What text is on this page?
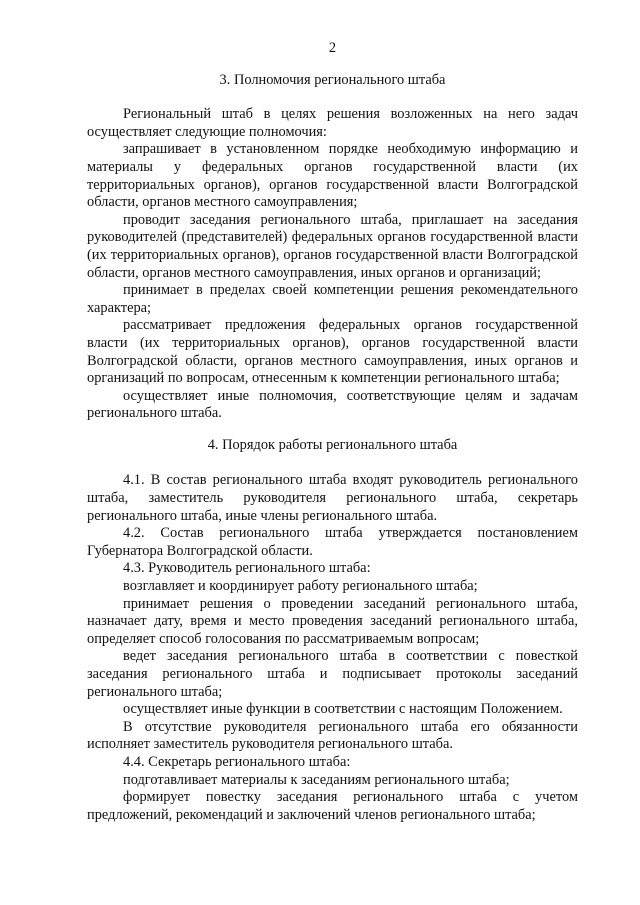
2
3. Полномочия регионального штаба

Региональный штаб в целях решения возложенных на него задач осуществляет следующие полномочия:

запрашивает в установленном порядке необходимую информацию и материалы у федеральных органов государственной власти (их территориальных органов), органов государственной власти Волгоградской области, органов местного самоуправления;

проводит заседания регионального штаба, приглашает на заседания руководителей (представителей) федеральных органов государственной власти (их территориальных органов), органов государственной власти Волгоградской области, органов местного самоуправления, иных органов и организаций;

принимает в пределах своей компетенции решения рекомендательного характера;

рассматривает предложения федеральных органов государственной власти (их территориальных органов), органов государственной власти Волгоградской области, органов местного самоуправления, иных органов и организаций по вопросам, отнесенным к компетенции регионального штаба;

осуществляет иные полномочия, соответствующие целям и задачам регионального штаба.

4. Порядок работы регионального штаба

4.1. В состав регионального штаба входят руководитель регионального штаба, заместитель руководителя регионального штаба, секретарь регионального штаба, иные члены регионального штаба.

4.2. Состав регионального штаба утверждается постановлением Губернатора Волгоградской области.

4.3. Руководитель регионального штаба:

возглавляет и координирует работу регионального штаба;

принимает решения о проведении заседаний регионального штаба, назначает дату, время и место проведения заседаний регионального штаба, определяет способ голосования по рассматриваемым вопросам;

ведет заседания регионального штаба в соответствии с повесткой заседания регионального штаба и подписывает протоколы заседаний регионального штаба;

осуществляет иные функции в соответствии с настоящим Положением.

В отсутствие руководителя регионального штаба его обязанности исполняет заместитель руководителя регионального штаба.

4.4. Секретарь регионального штаба:

подготавливает материалы к заседаниям регионального штаба;

формирует повестку заседания регионального штаба с учетом предложений, рекомендаций и заключений членов регионального штаба;
